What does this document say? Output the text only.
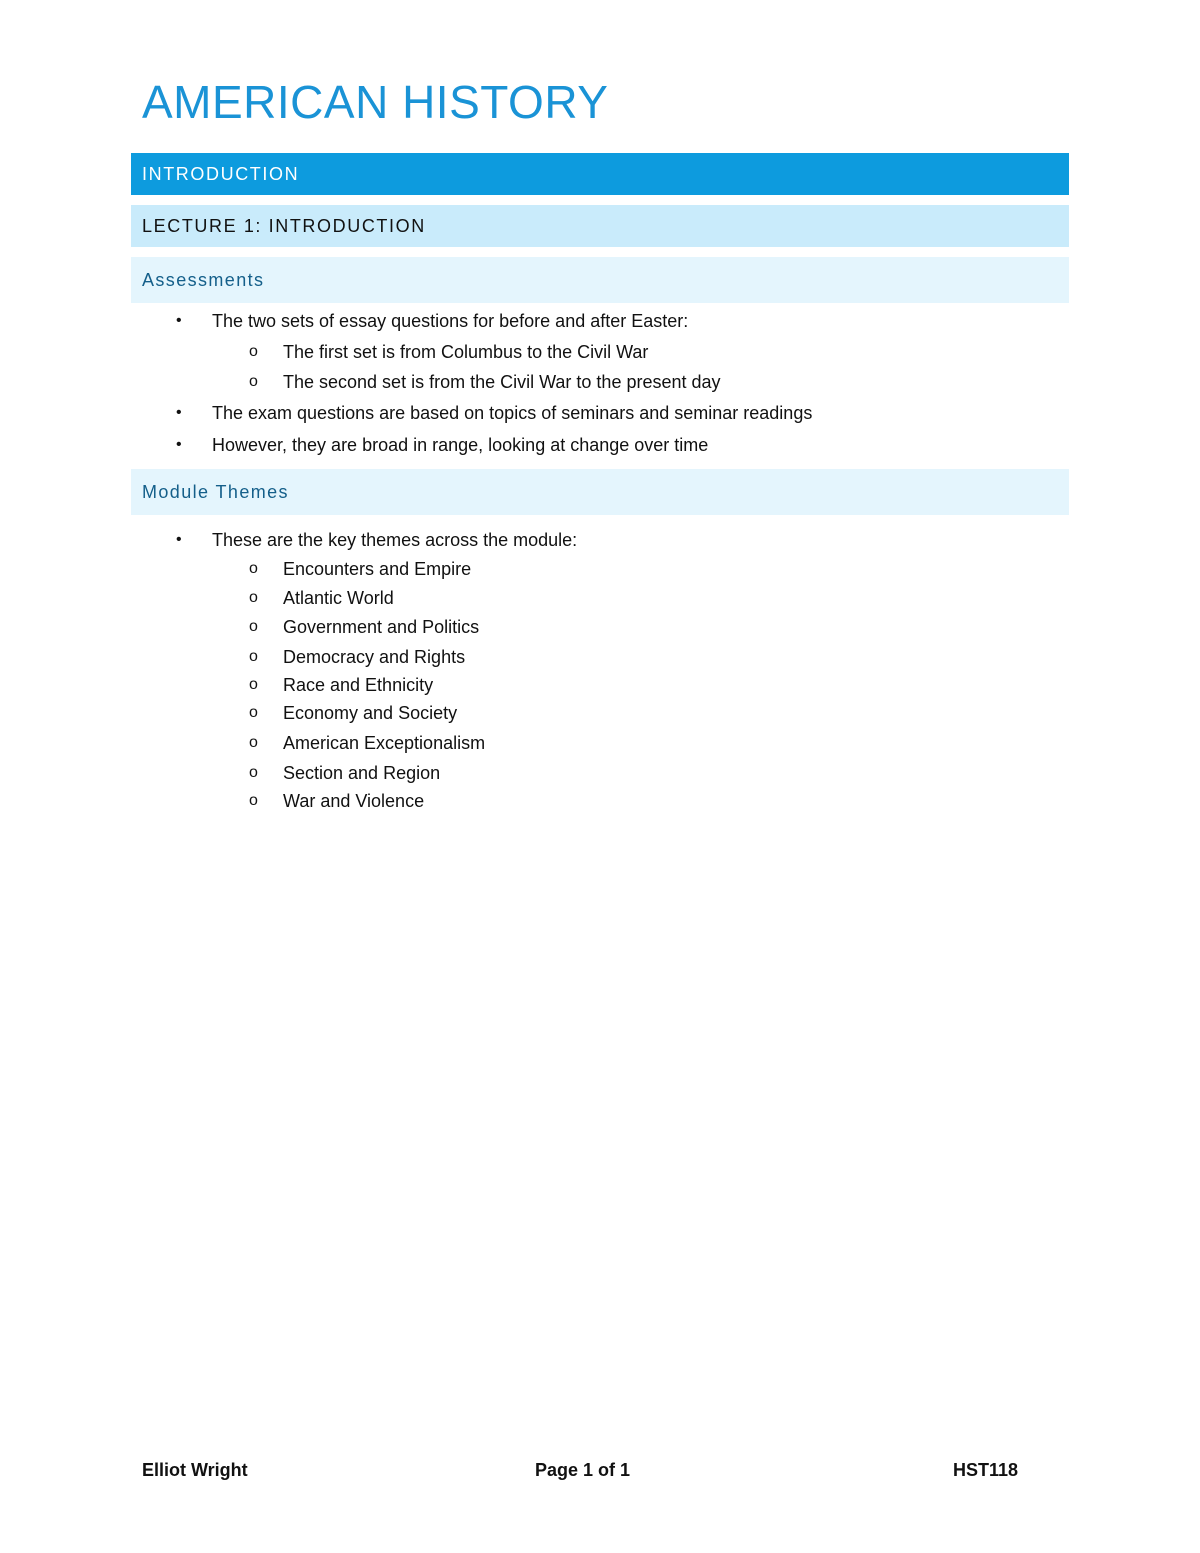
AMERICAN HISTORY
INTRODUCTION
LECTURE 1: INTRODUCTION
Assessments
• The two sets of essay questions for before and after Easter:
o The first set is from Columbus to the Civil War
o The second set is from the Civil War to the present day
• The exam questions are based on topics of seminars and seminar readings
• However, they are broad in range, looking at change over time
Module Themes
• These are the key themes across the module:
o Encounters and Empire
o Atlantic World
o Government and Politics
o Democracy and Rights
o Race and Ethnicity
o Economy and Society
o American Exceptionalism
o Section and Region
o War and Violence
Elliot Wright	Page 1 of 1	HST118
